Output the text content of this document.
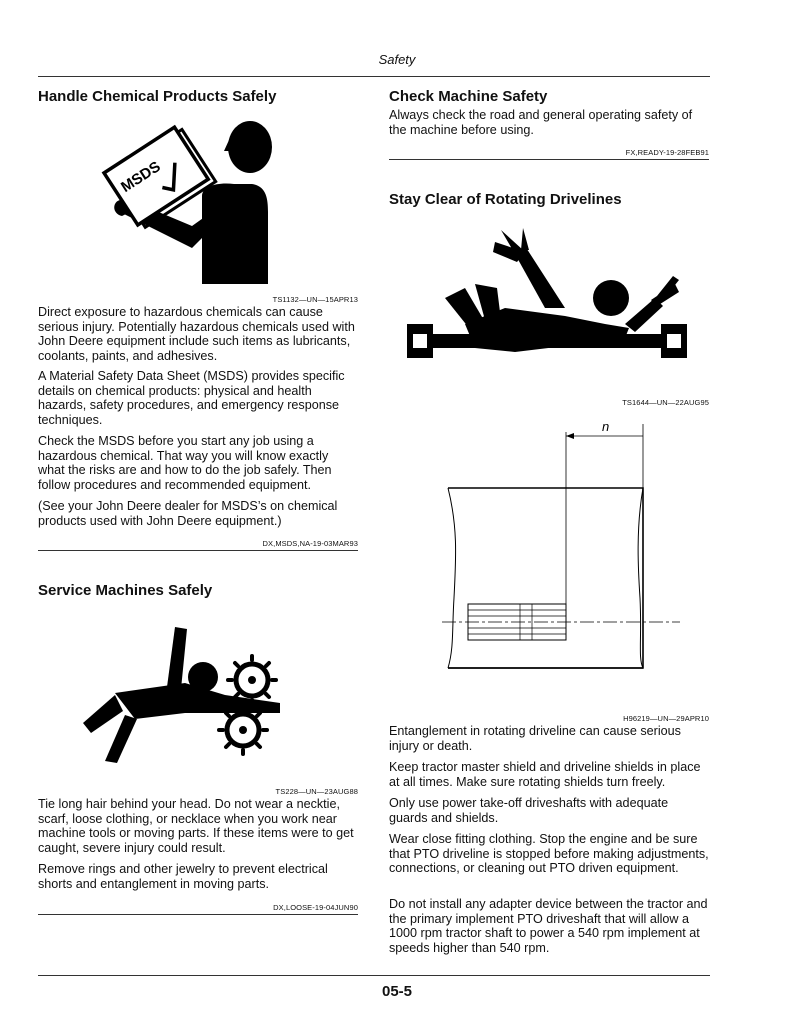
Safety
Handle Chemical Products Safely
MSDS
TS1132—UN—15APR13
Direct exposure to hazardous chemicals can cause serious injury. Potentially hazardous chemicals used with John Deere equipment include such items as lubricants, coolants, paints, and adhesives.
A Material Safety Data Sheet (MSDS) provides specific details on chemical products: physical and health hazards, safety procedures, and emergency response techniques.
Check the MSDS before you start any job using a hazardous chemical. That way you will know exactly what the risks are and how to do the job safely. Then follow procedures and recommended equipment.
(See your John Deere dealer for MSDS’s on chemical products used with John Deere equipment.)
DX,MSDS,NA-19-03MAR93
Service Machines Safely
TS228—UN—23AUG88
Tie long hair behind your head. Do not wear a necktie, scarf, loose clothing, or necklace when you work near machine tools or moving parts. If these items were to get caught, severe injury could result.
Remove rings and other jewelry to prevent electrical shorts and entanglement in moving parts.
DX,LOOSE-19-04JUN90
Check Machine Safety
Always check the road and general operating safety of the machine before using.
FX,READY-19-28FEB91
Stay Clear of Rotating Drivelines
TS1644—UN—22AUG95
n
H96219—UN—29APR10
Entanglement in rotating driveline can cause serious injury or death.
Keep tractor master shield and driveline shields in place at all times. Make sure rotating shields turn freely.
Only use power take-off driveshafts with adequate guards and shields.
Wear close fitting clothing. Stop the engine and be sure that PTO driveline is stopped before making adjustments, connections, or cleaning out PTO driven equipment.
Do not install any adapter device between the tractor and the primary implement PTO driveshaft that will allow a 1000 rpm tractor shaft to power a 540 rpm implement at speeds higher than 540 rpm.
05-5
